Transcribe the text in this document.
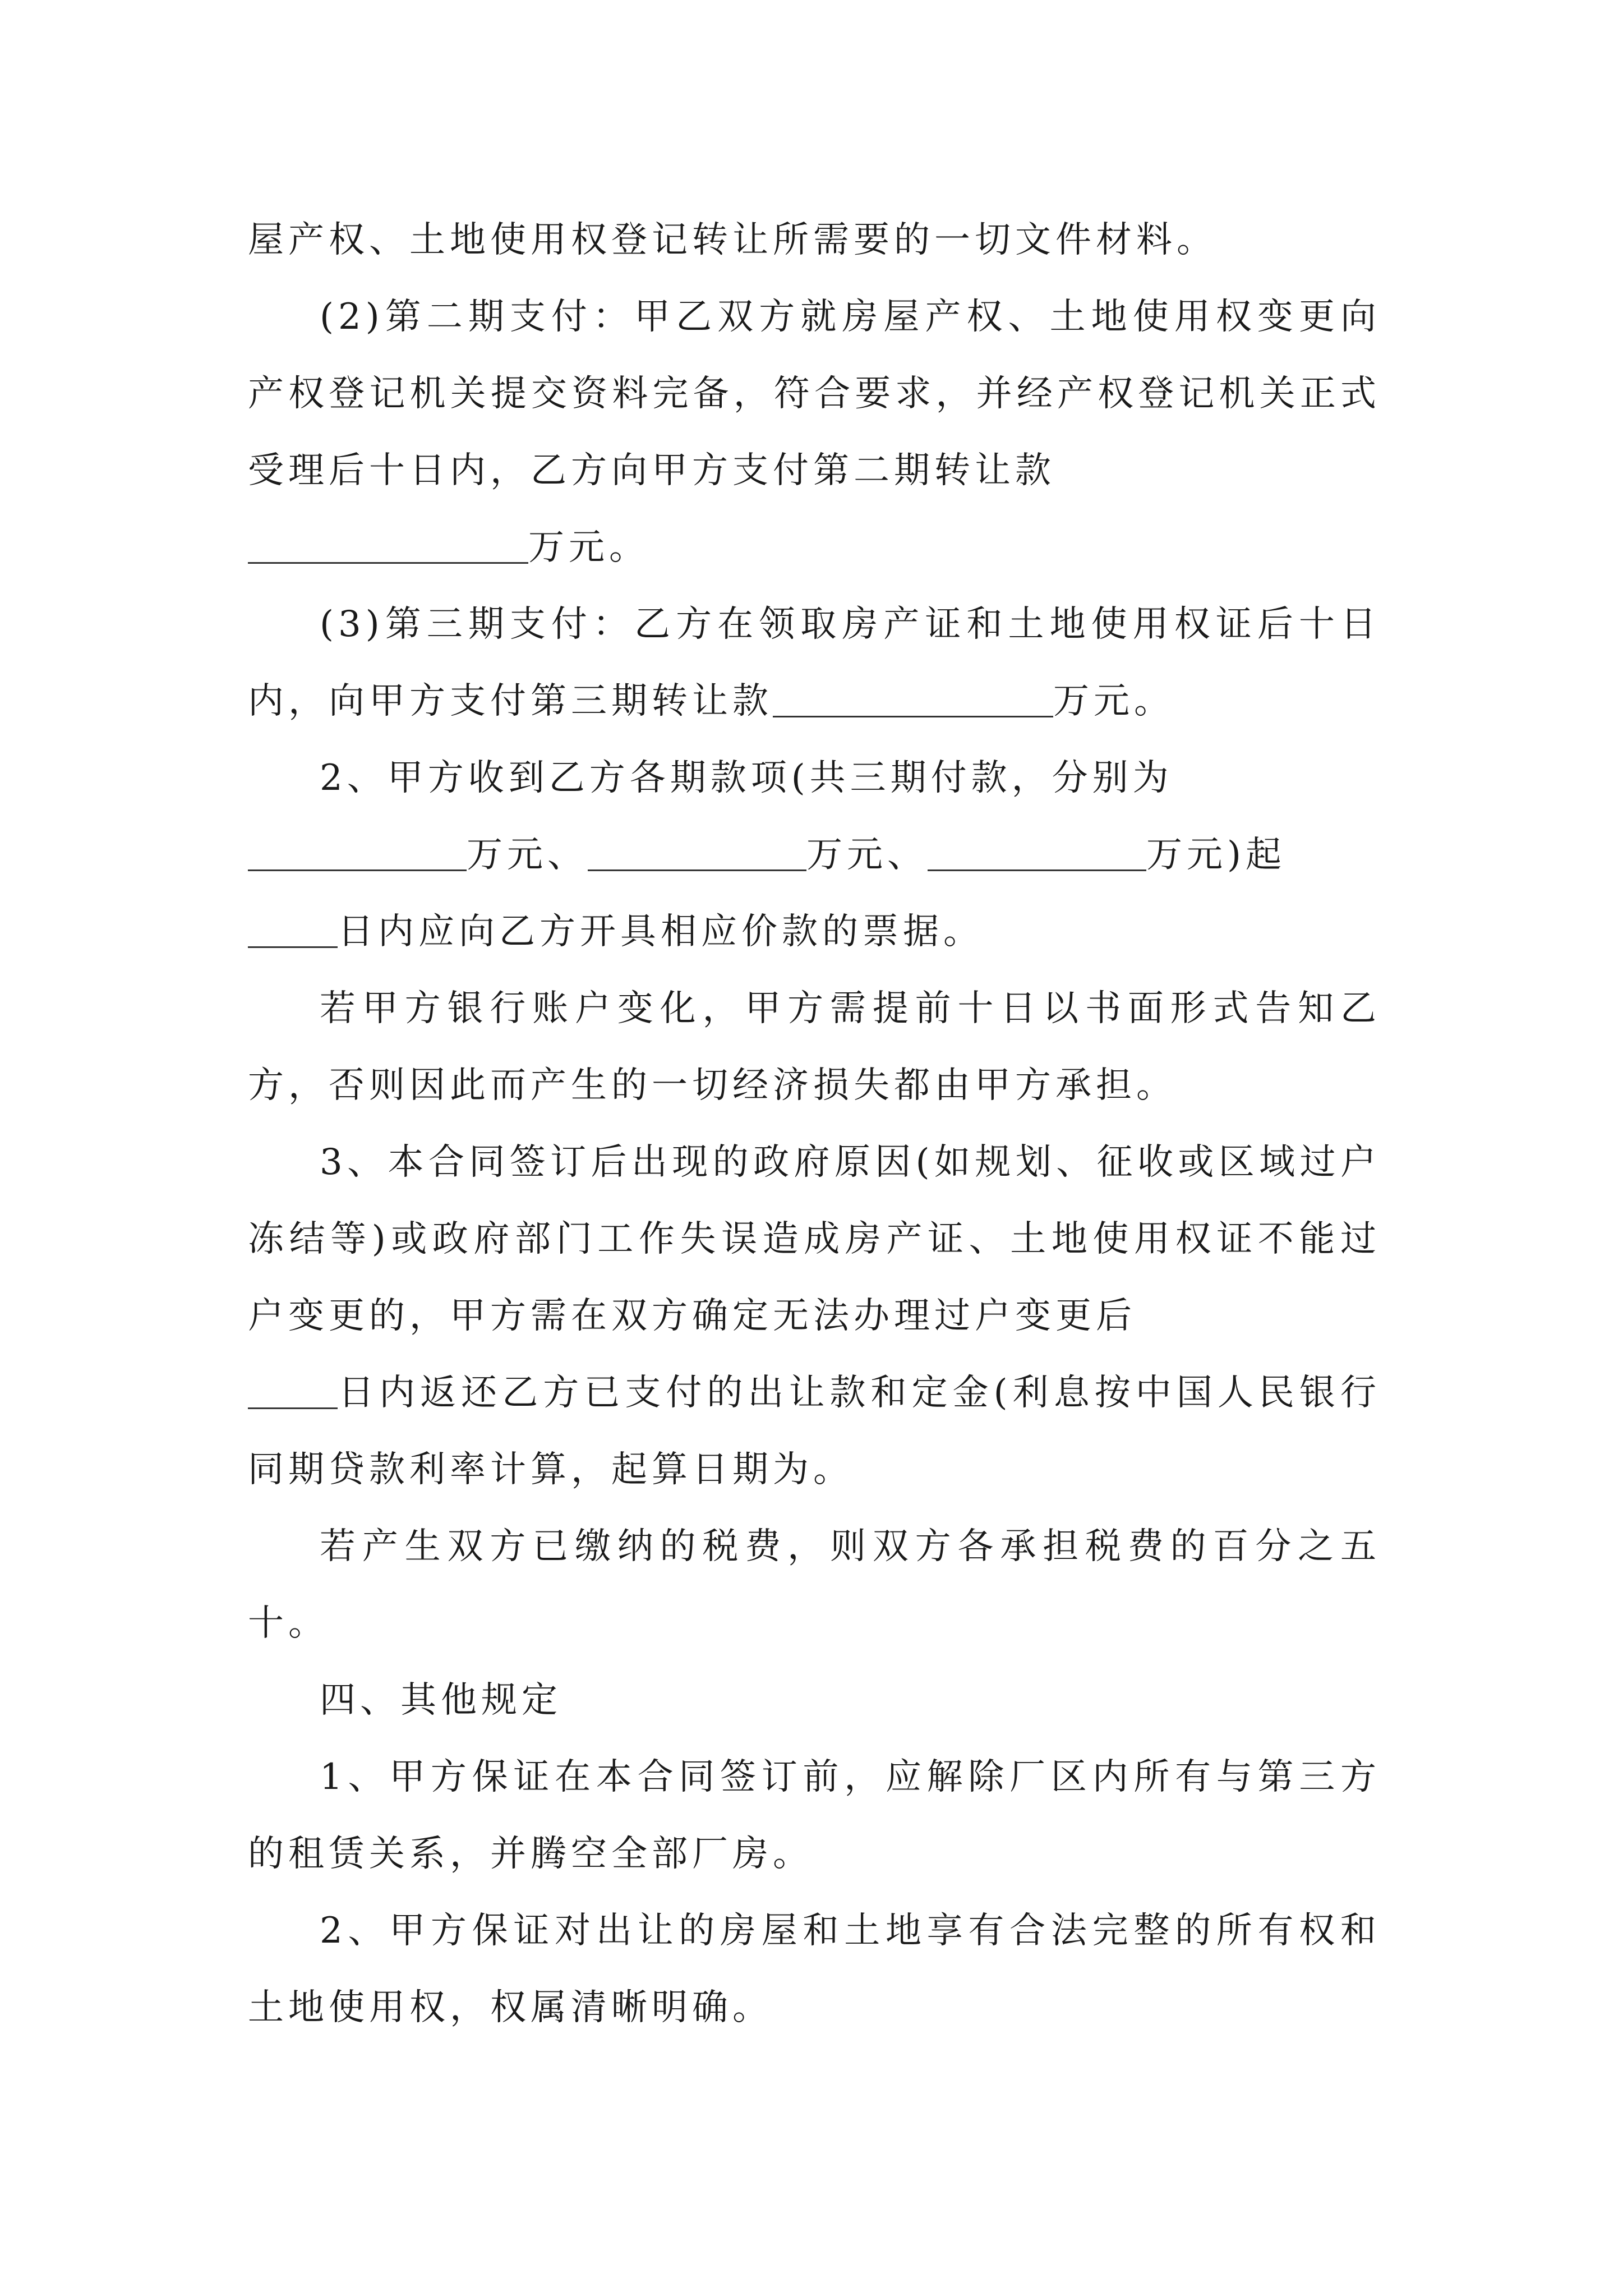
屋产权、土地使用权登记转让所需要的一切文件材料。

(2)第二期支付：甲乙双方就房屋产权、土地使用权变更向产权登记机关提交资料完备，符合要求，并经产权登记机关正式受理后十日内，乙方向甲方支付第二期转让款
万元。

(3)第三期支付：乙方在领取房产证和土地使用权证后十日内，向甲方支付第三期转让款	万元。

2、甲方收到乙方各期款项(共三期付款，分别为
万元、	万元、	万元)起
日内应向乙方开具相应价款的票据。

若甲方银行账户变化，甲方需提前十日以书面形式告知乙方，否则因此而产生的一切经济损失都由甲方承担。

3、本合同签订后出现的政府原因(如规划、征收或区域过户冻结等)或政府部门工作失误造成房产证、土地使用权证不能过户变更的，甲方需在双方确定无法办理过户变更后
日内返还乙方已支付的出让款和定金(利息按中国人民银行同期贷款利率计算，起算日期为。

若产生双方已缴纳的税费，则双方各承担税费的百分之五十。

四、其他规定

1、甲方保证在本合同签订前，应解除厂区内所有与第三方的租赁关系，并腾空全部厂房。

2、甲方保证对出让的房屋和土地享有合法完整的所有权和土地使用权，权属清晰明确。
